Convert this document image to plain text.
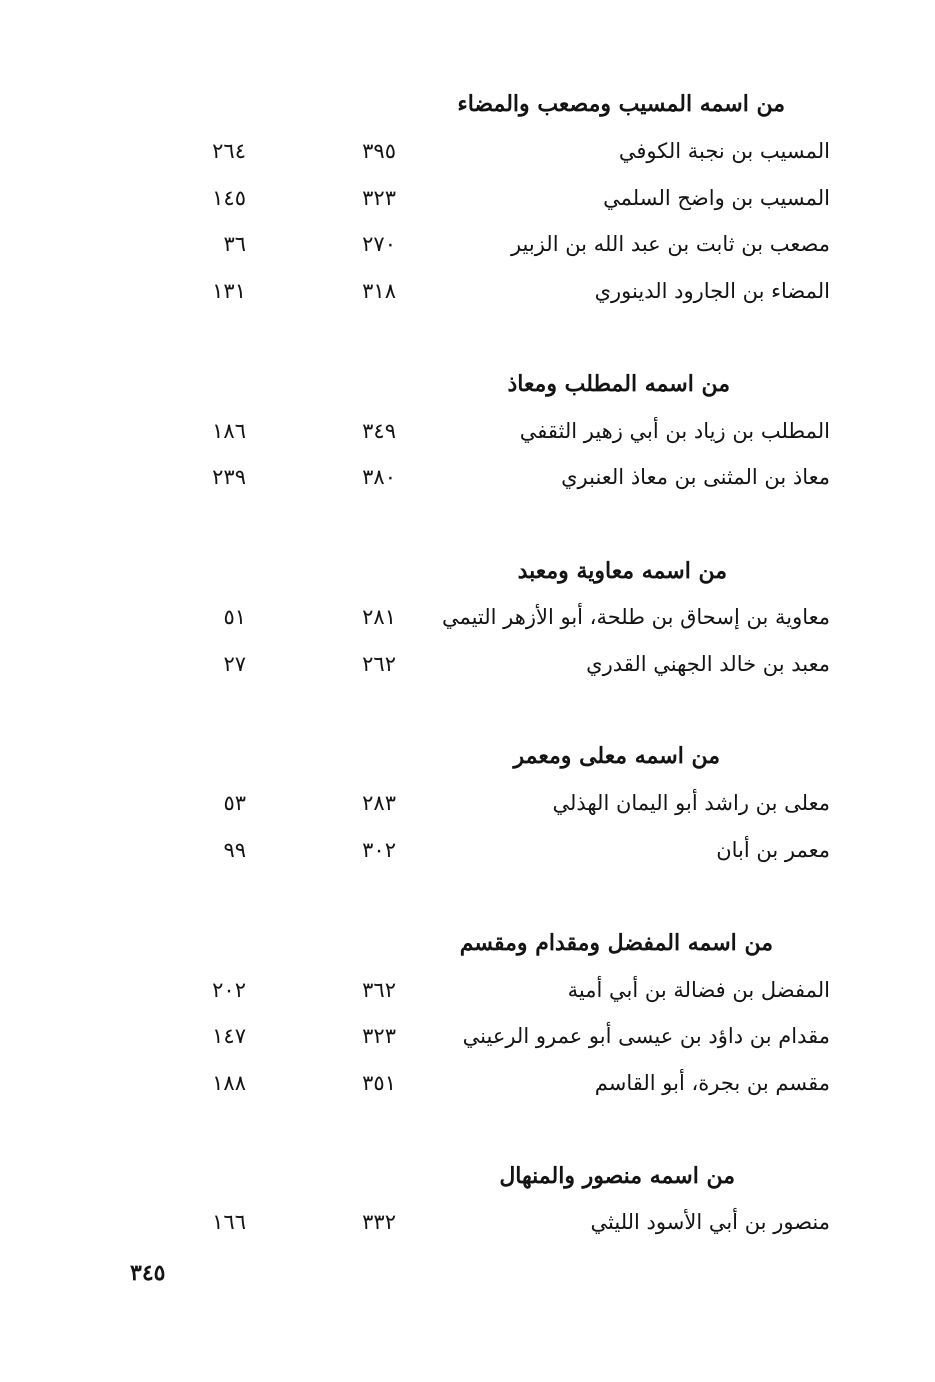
من اسمه المسيب ومصعب والمضاء
المسيب بن نجبة الكوفي
٣٩٥
٢٦٤
المسيب بن واضح السلمي
٣٢٣
١٤٥
مصعب بن ثابت بن عبد الله بن الزبير
٢٧٠
٣٦
المضاء بن الجارود الدينوري
٣١٨
١٣١
من اسمه المطلب ومعاذ
المطلب بن زياد بن أبي زهير الثقفي
٣٤٩
١٨٦
معاذ بن المثنى بن معاذ العنبري
٣٨٠
٢٣٩
من اسمه معاوية ومعبد
معاوية بن إسحاق بن طلحة، أبو الأزهر التيمي
٢٨١
٥١
معبد بن خالد الجهني القدري
٢٦٢
٢٧
من اسمه معلى ومعمر
معلى بن راشد أبو اليمان الهذلي
٢٨٣
٥٣
معمر بن أبان
٣٠٢
٩٩
من اسمه المفضل ومقدام ومقسم
المفضل بن فضالة بن أبي أمية
٣٦٢
٢٠٢
مقدام بن داؤد بن عيسى أبو عمرو الرعيني
٣٢٣
١٤٧
مقسم بن بجرة، أبو القاسم
٣٥١
١٨٨
من اسمه منصور والمنهال
منصور بن أبي الأسود الليثي
٣٣٢
١٦٦
٣٤٥
